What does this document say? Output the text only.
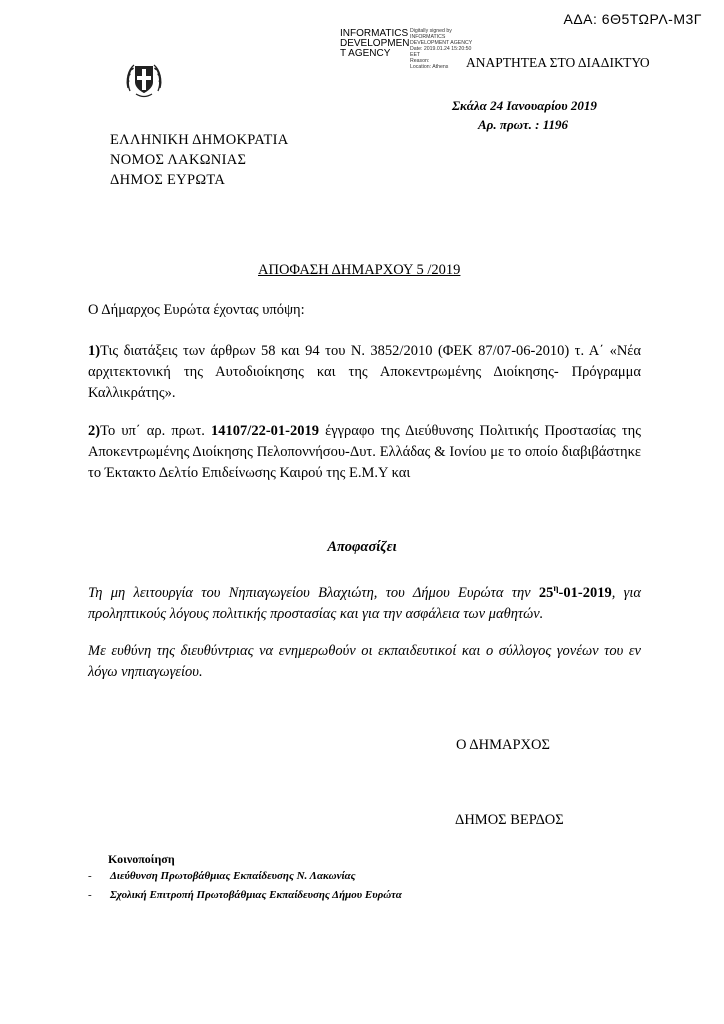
ΑΔΑ: 6Θ5ΤΩΡΛ-Μ3Γ
INFORMATICS
DEVELOPMEN
T AGENCY
Digitally signed by
INFORMATICS
DEVELOPMENT AGENCY
Date: 2019.01.24 15:20:50
EET
Reason:
Location: Athens	ΑΝΑΡΤΗΤΕΑ ΣΤΟ ΔΙΑΔΙΚΤΥΟ
Σκάλα 24 Ιανουαρίου 2019
Αρ. πρωτ. : 1196
ΕΛΛΗΝΙΚΗ ΔΗΜΟΚΡΑΤΙΑ
ΝΟΜΟΣ ΛΑΚΩΝΙΑΣ
ΔΗΜΟΣ ΕΥΡΩΤΑ
ΑΠΟΦΑΣΗ ΔΗΜΑΡΧΟΥ 5 /2019
Ο Δήμαρχος Ευρώτα έχοντας υπόψη:
1)Τις διατάξεις των άρθρων 58 και 94 του Ν. 3852/2010 (ΦΕΚ 87/07-06-2010) τ. Α΄ «Νέα αρχιτεκτονική της Αυτοδιοίκησης και της Αποκεντρωμένης Διοίκησης- Πρόγραμμα Καλλικράτης».
2)Το υπ΄ αρ. πρωτ. 14107/22-01-2019 έγγραφο της Διεύθυνσης Πολιτικής Προστασίας της Αποκεντρωμένης Διοίκησης Πελοποννήσου-Δυτ. Ελλάδας & Ιονίου με το οποίο διαβιβάστηκε το Έκτακτο Δελτίο Επιδείνωσης Καιρού της Ε.Μ.Υ και
Αποφασίζει
Τη μη λειτουργία του Νηπιαγωγείου Βλαχιώτη, του Δήμου Ευρώτα την $25^\eta-01-2019$, για προληπτικούς λόγους πολιτικής προστασίας και για την ασφάλεια των μαθητών.
Με ευθύνη της διευθύντριας να ενημερωθούν οι εκπαιδευτικοί και ο σύλλογος γονέων του εν λόγω νηπιαγωγείου.
Ο ΔΗΜΑΡΧΟΣ
ΔΗΜΟΣ ΒΕΡΔΟΣ
Κοινοποίηση
- Διεύθυνση Πρωτοβάθμιας Εκπαίδευσης Ν. Λακωνίας
- Σχολική Επιτροπή Πρωτοβάθμιας Εκπαίδευσης Δήμου Ευρώτα
